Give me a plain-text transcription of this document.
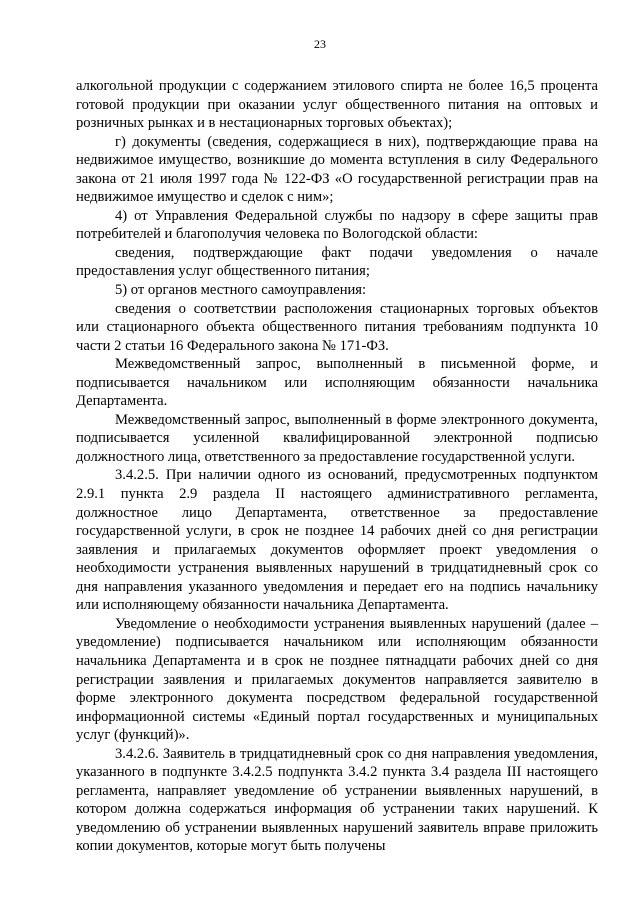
23

алкогольной продукции с содержанием этилового спирта не более 16,5 процента готовой продукции при оказании услуг общественного питания на оптовых и розничных рынках и в нестационарных торговых объектах);

г) документы (сведения, содержащиеся в них), подтверждающие права на недвижимое имущество, возникшие до момента вступления в силу Федерального закона от 21 июля 1997 года № 122-ФЗ «О государственной регистрации прав на недвижимое имущество и сделок с ним»;

4) от Управления Федеральной службы по надзору в сфере защиты прав потребителей и благополучия человека по Вологодской области:

сведения, подтверждающие факт подачи уведомления о начале предоставления услуг общественного питания;

5) от органов местного самоуправления:

сведения о соответствии расположения стационарных торговых объектов или стационарного объекта общественного питания требованиям подпункта 10 части 2 статьи 16 Федерального закона № 171-ФЗ.

Межведомственный запрос, выполненный в письменной форме, и подписывается начальником или исполняющим обязанности начальника Департамента.

Межведомственный запрос, выполненный в форме электронного документа, подписывается усиленной квалифицированной электронной подписью должностного лица, ответственного за предоставление государственной услуги.

3.4.2.5. При наличии одного из оснований, предусмотренных подпунктом 2.9.1 пункта 2.9 раздела II настоящего административного регламента, должностное лицо Департамента, ответственное за предоставление государственной услуги, в срок не позднее 14 рабочих дней со дня регистрации заявления и прилагаемых документов оформляет проект уведомления о необходимости устранения выявленных нарушений в тридцатидневный срок со дня направления указанного уведомления и передает его на подпись начальнику или исполняющему обязанности начальника Департамента.

Уведомление о необходимости устранения выявленных нарушений (далее – уведомление) подписывается начальником или исполняющим обязанности начальника Департамента и в срок не позднее пятнадцати рабочих дней со дня регистрации заявления и прилагаемых документов направляется заявителю в форме электронного документа посредством федеральной государственной информационной системы «Единый портал государственных и муниципальных услуг (функций)».

3.4.2.6. Заявитель в тридцатидневный срок со дня направления уведомления, указанного в подпункте 3.4.2.5 подпункта 3.4.2 пункта 3.4 раздела III настоящего регламента, направляет уведомление об устранении выявленных нарушений, в котором должна содержаться информация об устранении таких нарушений. К уведомлению об устранении выявленных нарушений заявитель вправе приложить копии документов, которые могут быть получены
